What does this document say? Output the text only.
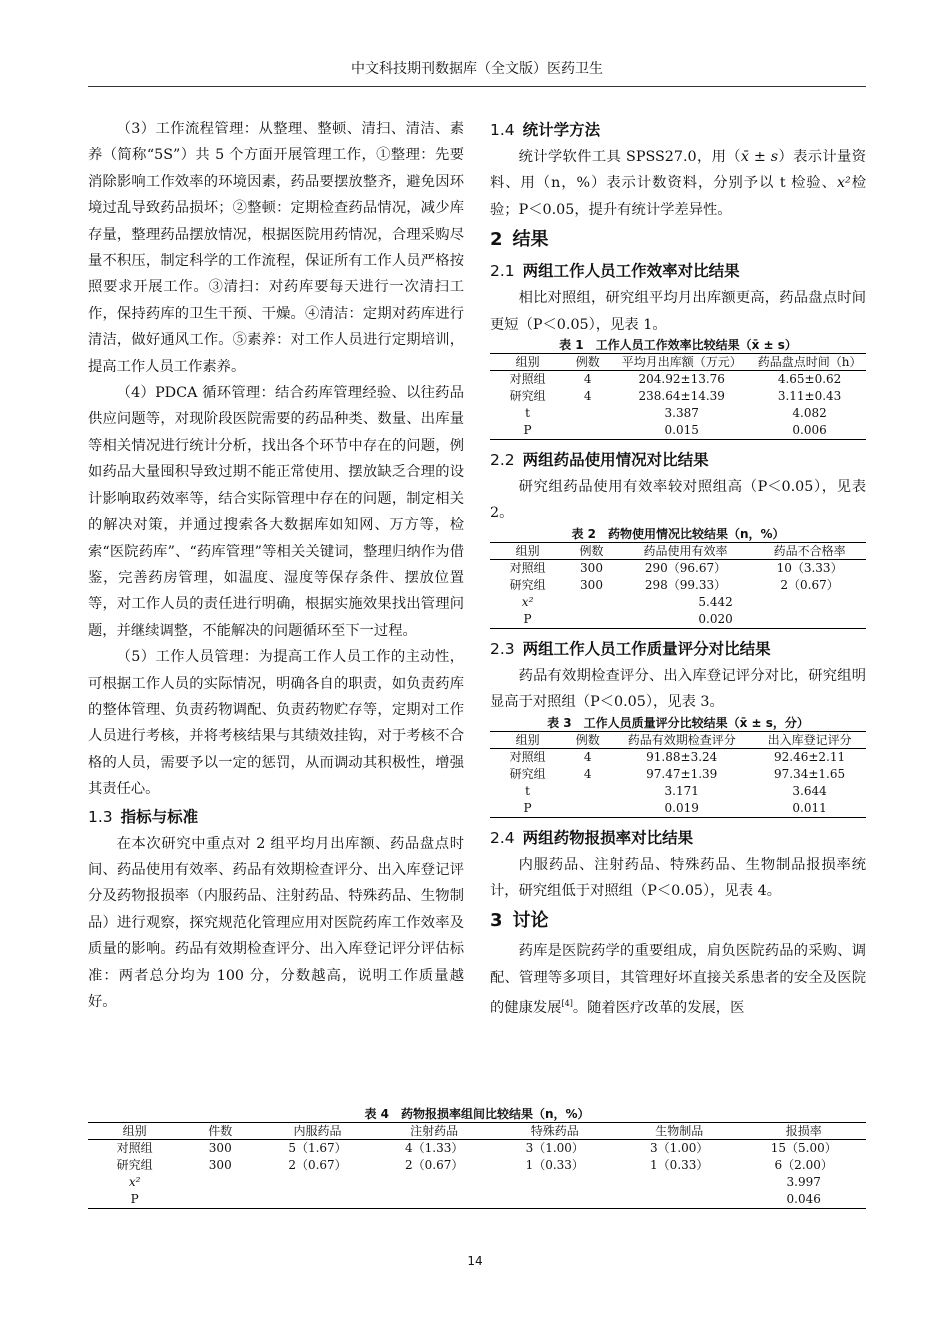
中文科技期刊数据库（全文版）医药卫生

（3）工作流程管理：从整理、整顿、清扫、清洁、素养（简称“5S”）共 5 个方面开展管理工作，①整理：先要消除影响工作效率的环境因素，药品要摆放整齐，避免因环境过乱导致药品损坏；②整顿：定期检查药品情况，减少库存量，整理药品摆放情况，根据医院用药情况，合理采购尽量不积压，制定科学的工作流程，保证所有工作人员严格按照要求开展工作。③清扫：对药库要每天进行一次清扫工作，保持药库的卫生干预、干燥。④清洁：定期对药库进行清洁，做好通风工作。⑤素养：对工作人员进行定期培训，提高工作人员工作素养。

（4）PDCA 循环管理：结合药库管理经验、以往药品供应问题等，对现阶段医院需要的药品种类、数量、出库量等相关情况进行统计分析，找出各个环节中存在的问题，例如药品大量囤积导致过期不能正常使用、摆放缺乏合理的设计影响取药效率等，结合实际管理中存在的问题，制定相关的解决对策，并通过搜索各大数据库如知网、万方等，检索“医院药库”、“药库管理”等相关关键词，整理归纳作为借鉴，完善药房管理，如温度、湿度等保存条件、摆放位置等，对工作人员的责任进行明确，根据实施效果找出管理问题，并继续调整，不能解决的问题循环至下一过程。

（5）工作人员管理：为提高工作人员工作的主动性，可根据工作人员的实际情况，明确各自的职责，如负责药库的整体管理、负责药物调配、负责药物贮存等，定期对工作人员进行考核，并将考核结果与其绩效挂钩，对于考核不合格的人员，需要予以一定的惩罚，从而调动其积极性，增强其责任心。

1.3 指标与标准

在本次研究中重点对 2 组平均月出库额、药品盘点时间、药品使用有效率、药品有效期检查评分、出入库登记评分及药物报损率（内服药品、注射药品、特殊药品、生物制品）进行观察，探究规范化管理应用对医院药库工作效率及质量的影响。药品有效期检查评分、出入库登记评分评估标准：两者总分均为 100 分，分数越高，说明工作质量越好。

1.4 统计学方法

统计学软件工具 SPSS27.0，用（x̄ ± s）表示计量资料、用（n，%）表示计数资料，分别予以 t 检验、x²检验；P＜0.05，提升有统计学差异性。

2 结果
2.1 两组工作人员工作效率对比结果

相比对照组，研究组平均月出库额更高，药品盘点时间更短（P＜0.05），见表 1。

表 1　工作人员工作效率比较结果（x̄ ± s）
组别	例数	平均月出库额（万元）	药品盘点时间（h）
对照组	4	204.92±13.76	4.65±0.62
研究组	4	238.64±14.39	3.11±0.43
t		3.387	4.082
P		0.015	0.006
2.2 两组药品使用情况对比结果

研究组药品使用有效率较对照组高（P＜0.05），见表 2。

表 2　药物使用情况比较结果（n，%）
组别	例数	药品使用有效率	药品不合格率
对照组	300	290（96.67）	10（3.33）
研究组	300	298（99.33）	2（0.67）
x²	5.442		
P	0.020		
2.3 两组工作人员工作质量评分对比结果

药品有效期检查评分、出入库登记评分对比，研究组明显高于对照组（P＜0.05），见表 3。

表 3　工作人员质量评分比较结果（x̄ ± s，分）
组别	例数	药品有效期检查评分	出入库登记评分
对照组	4	91.88±3.24	92.46±2.11
研究组	4	97.47±1.39	97.34±1.65
t		3.171	3.644
P		0.019	0.011
2.4 两组药物报损率对比结果

内服药品、注射药品、特殊药品、生物制品报损率统计，研究组低于对照组（P＜0.05），见表 4。

3 讨论

药库是医院药学的重要组成，肩负医院药品的采购、调配、管理等多项目，其管理好坏直接关系患者的安全及医院的健康发展[4]。随着医疗改革的发展，医

表 4　药物报损率组间比较结果（n，%）
组别	件数	内服药品	注射药品	特殊药品	生物制品	报损率
对照组	300	5（1.67）	4（1.33）	3（1.00）	3（1.00）	15（5.00）
研究组	300	2（0.67）	2（0.67）	1（0.33）	1（0.33）	6（2.00）
x²						3.997
P						0.046
14
